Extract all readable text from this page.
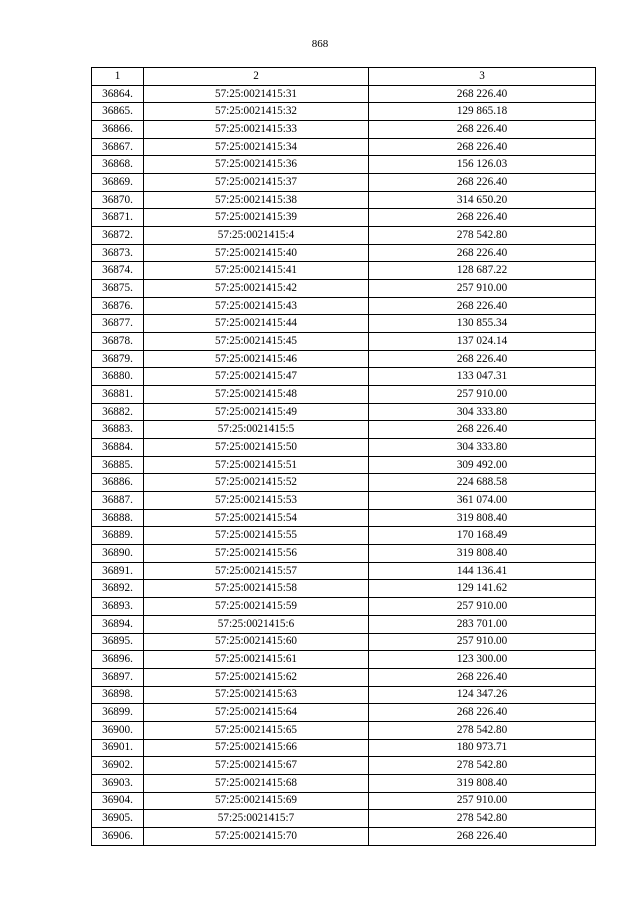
868
1	2	3
36864.	57:25:0021415:31	268 226.40
36865.	57:25:0021415:32	129 865.18
36866.	57:25:0021415:33	268 226.40
36867.	57:25:0021415:34	268 226.40
36868.	57:25:0021415:36	156 126.03
36869.	57:25:0021415:37	268 226.40
36870.	57:25:0021415:38	314 650.20
36871.	57:25:0021415:39	268 226.40
36872.	57:25:0021415:4	278 542.80
36873.	57:25:0021415:40	268 226.40
36874.	57:25:0021415:41	128 687.22
36875.	57:25:0021415:42	257 910.00
36876.	57:25:0021415:43	268 226.40
36877.	57:25:0021415:44	130 855.34
36878.	57:25:0021415:45	137 024.14
36879.	57:25:0021415:46	268 226.40
36880.	57:25:0021415:47	133 047.31
36881.	57:25:0021415:48	257 910.00
36882.	57:25:0021415:49	304 333.80
36883.	57:25:0021415:5	268 226.40
36884.	57:25:0021415:50	304 333.80
36885.	57:25:0021415:51	309 492.00
36886.	57:25:0021415:52	224 688.58
36887.	57:25:0021415:53	361 074.00
36888.	57:25:0021415:54	319 808.40
36889.	57:25:0021415:55	170 168.49
36890.	57:25:0021415:56	319 808.40
36891.	57:25:0021415:57	144 136.41
36892.	57:25:0021415:58	129 141.62
36893.	57:25:0021415:59	257 910.00
36894.	57:25:0021415:6	283 701.00
36895.	57:25:0021415:60	257 910.00
36896.	57:25:0021415:61	123 300.00
36897.	57:25:0021415:62	268 226.40
36898.	57:25:0021415:63	124 347.26
36899.	57:25:0021415:64	268 226.40
36900.	57:25:0021415:65	278 542.80
36901.	57:25:0021415:66	180 973.71
36902.	57:25:0021415:67	278 542.80
36903.	57:25:0021415:68	319 808.40
36904.	57:25:0021415:69	257 910.00
36905.	57:25:0021415:7	278 542.80
36906.	57:25:0021415:70	268 226.40
